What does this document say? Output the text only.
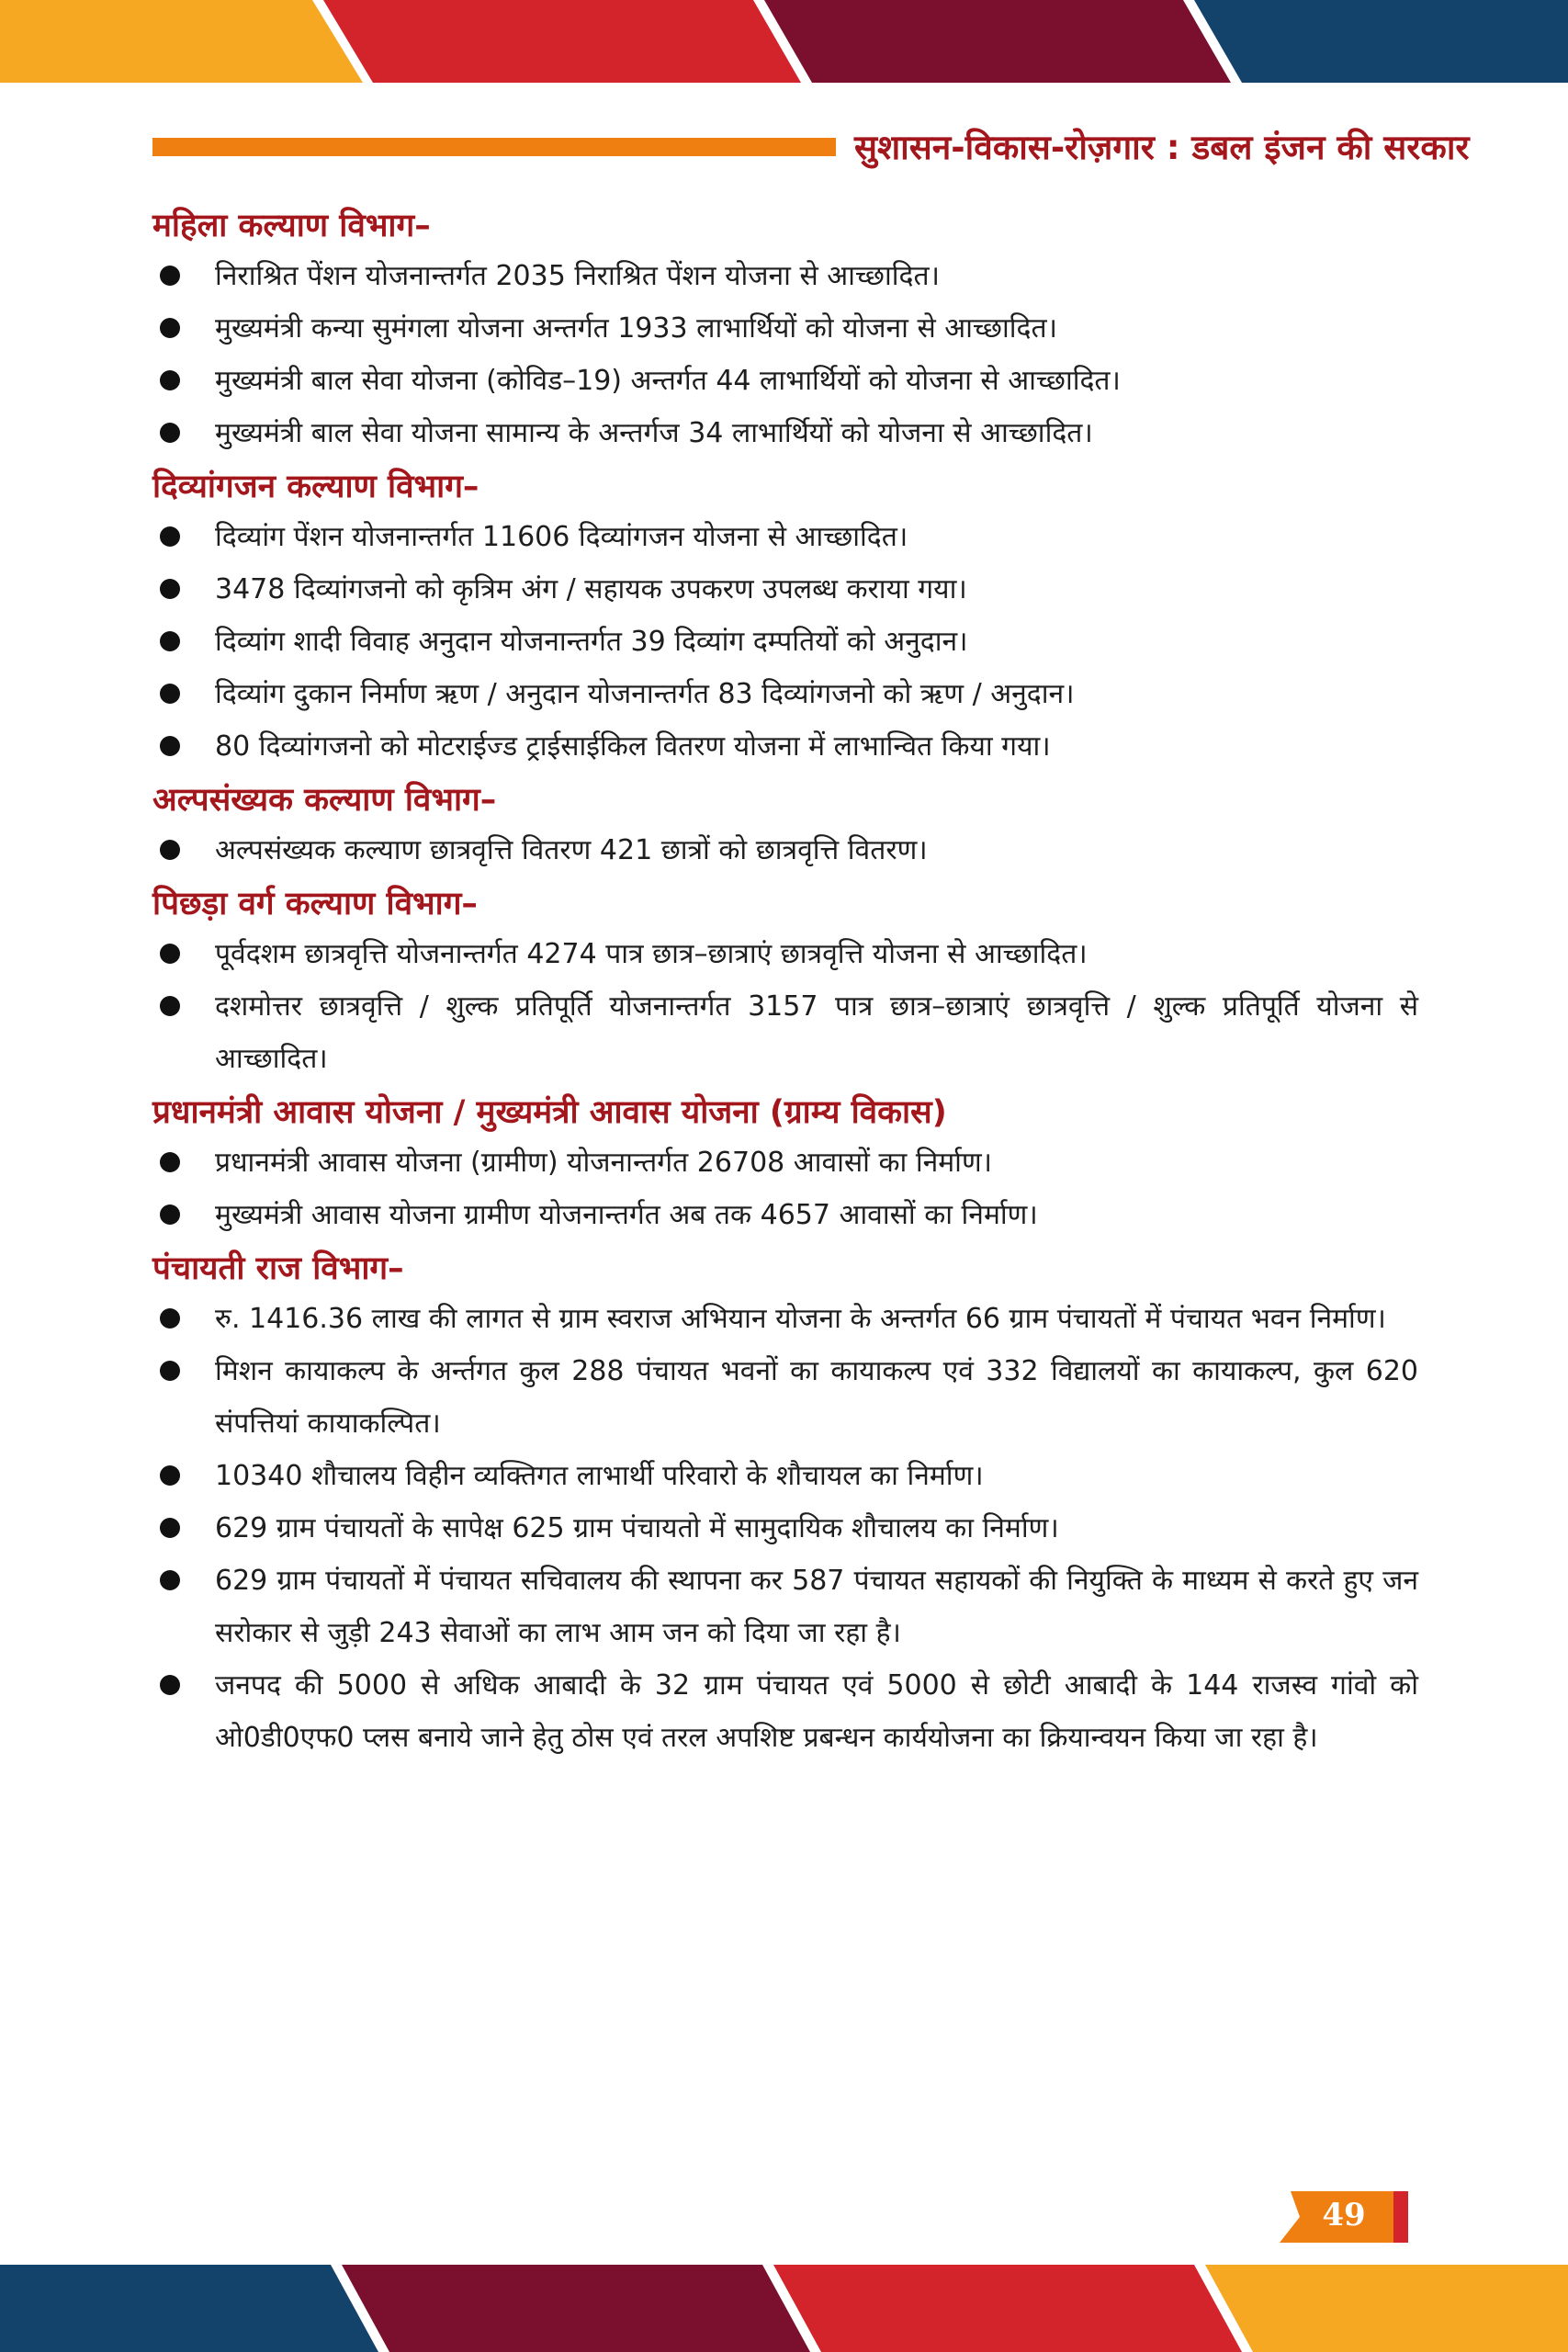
सुशासन-विकास-रोज़गार : डबल इंजन की सरकार
महिला कल्याण विभाग–
निराश्रित पेंशन योजनान्तर्गत 2035 निराश्रित पेंशन योजना से आच्छादित।
मुख्यमंत्री कन्या सुमंगला योजना अन्तर्गत 1933 लाभार्थियों को योजना से आच्छादित।
मुख्यमंत्री बाल सेवा योजना (कोविड–19) अन्तर्गत 44 लाभार्थियों को योजना से आच्छादित।
मुख्यमंत्री बाल सेवा योजना सामान्य के अन्तर्गज 34 लाभार्थियों को योजना से आच्छादित।
दिव्यांगजन कल्याण विभाग–
दिव्यांग पेंशन योजनान्तर्गत 11606 दिव्यांगजन योजना से आच्छादित।
3478 दिव्यांगजनो को कृत्रिम अंग / सहायक उपकरण उपलब्ध कराया गया।
दिव्यांग शादी विवाह अनुदान योजनान्तर्गत 39 दिव्यांग दम्पतियों को अनुदान।
दिव्यांग दुकान निर्माण ऋण / अनुदान योजनान्तर्गत 83 दिव्यांगजनो को ऋण / अनुदान।
80 दिव्यांगजनो को मोटराईज्ड ट्राईसाईकिल वितरण योजना में लाभान्वित किया गया।
अल्पसंख्यक कल्याण विभाग–
अल्पसंख्यक कल्याण छात्रवृत्ति वितरण 421 छात्रों को छात्रवृत्ति वितरण।
पिछड़ा वर्ग कल्याण विभाग–
पूर्वदशम छात्रवृत्ति योजनान्तर्गत 4274 पात्र छात्र–छात्राएं छात्रवृत्ति योजना से आच्छादित।
दशमोत्तर छात्रवृत्ति / शुल्क प्रतिपूर्ति योजनान्तर्गत 3157 पात्र छात्र–छात्राएं छात्रवृत्ति / शुल्क प्रतिपूर्ति योजना से आच्छादित।
प्रधानमंत्री आवास योजना / मुख्यमंत्री आवास योजना (ग्राम्य विकास)
प्रधानमंत्री आवास योजना (ग्रामीण) योजनान्तर्गत 26708 आवासों का निर्माण।
मुख्यमंत्री आवास योजना ग्रामीण योजनान्तर्गत अब तक 4657 आवासों का निर्माण।
पंचायती राज विभाग–
रु. 1416.36 लाख की लागत से ग्राम स्वराज अभियान योजना के अन्तर्गत 66 ग्राम पंचायतों में पंचायत भवन निर्माण।
मिशन कायाकल्प के अर्न्तगत कुल 288 पंचायत भवनों का कायाकल्प एवं 332 विद्यालयों का कायाकल्प, कुल 620 संपत्तियां कायाकल्पित।
10340 शौचालय विहीन व्यक्तिगत लाभार्थी परिवारो के शौचायल का निर्माण।
629 ग्राम पंचायतों के सापेक्ष 625 ग्राम पंचायतो में सामुदायिक शौचालय का निर्माण।
629 ग्राम पंचायतों में पंचायत सचिवालय की स्थापना कर 587 पंचायत सहायकों की नियुक्ति के माध्यम से करते हुए जन सरोकार से जुड़ी 243 सेवाओं का लाभ आम जन को दिया जा रहा है।
जनपद की 5000 से अधिक आबादी के 32 ग्राम पंचायत एवं 5000 से छोटी आबादी के 144 राजस्व गांवो को ओ0डी0एफ0 प्लस बनाये जाने हेतु ठोस एवं तरल अपशिष्ट प्रबन्धन कार्ययोजना का क्रियान्वयन किया जा रहा है।
49
